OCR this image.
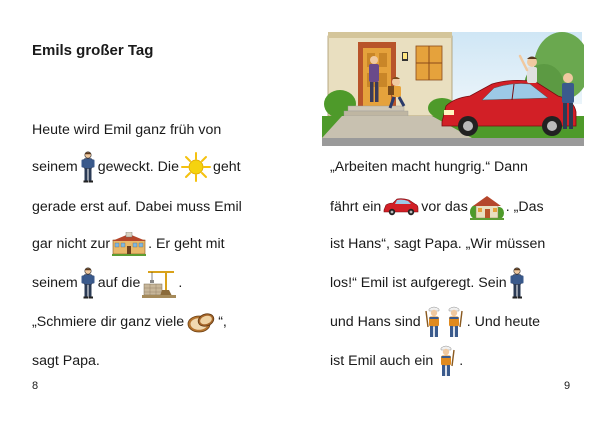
Emils großer Tag
Heute wird Emil ganz früh von
seinem geweckt. Die geht
gerade erst auf. Dabei muss Emil
gar nicht zur	. Er geht mit
seinem auf die	.
„Schmiere dir ganz viele “,
sagt Papa.
8
„Arbeiten macht hungrig.“ Dann
fährt ein	vor das	. „Das
ist Hans“, sagt Papa. „Wir müssen
los!“ Emil ist aufgeregt. Sein
und Hans sind	. Und heute
ist Emil auch ein .
9
